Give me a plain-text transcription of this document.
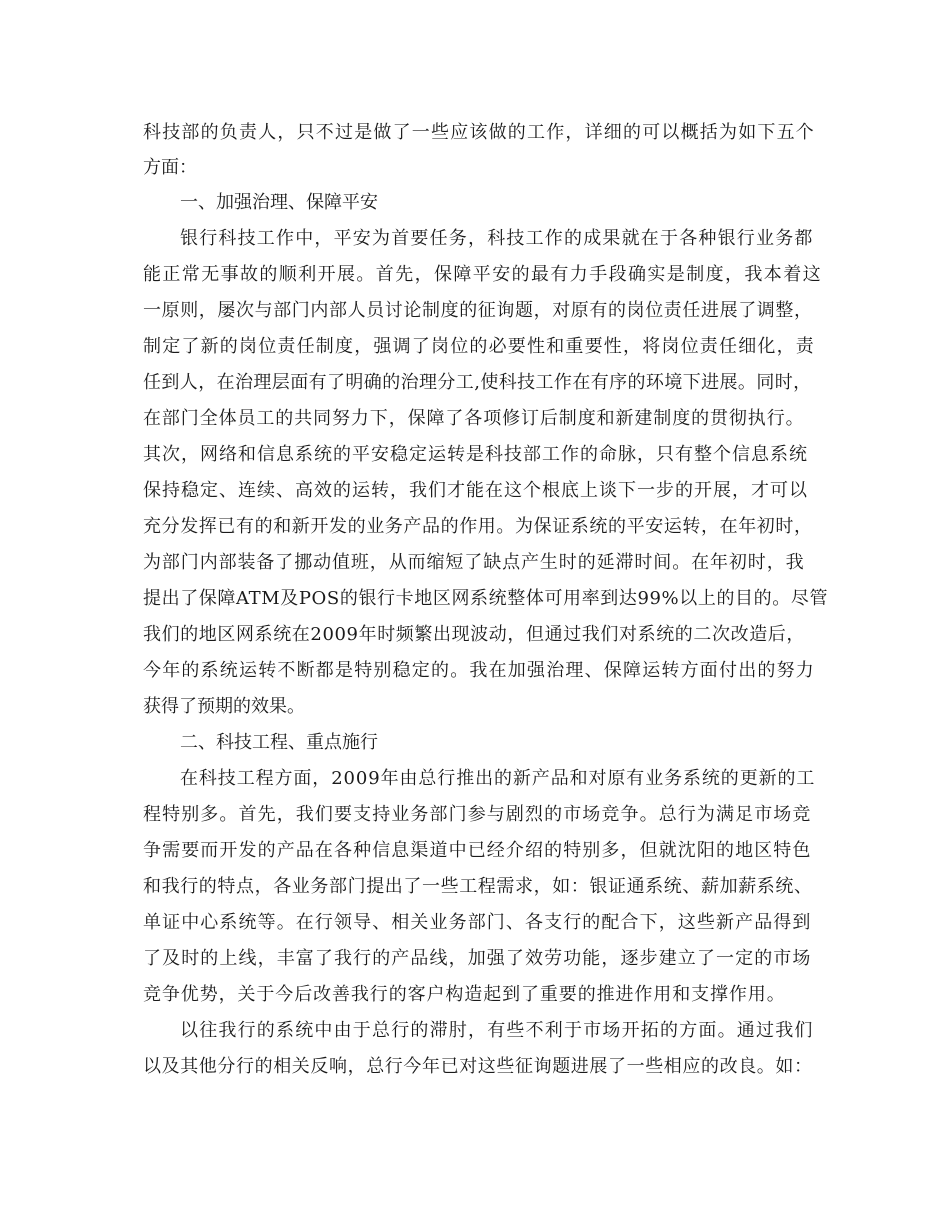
科技部的负责人，只不过是做了一些应该做的工作，详细的可以概括为如下五个
方面：
一、加强治理、保障平安
银行科技工作中，平安为首要任务，科技工作的成果就在于各种银行业务都
能正常无事故的顺利开展。首先，保障平安的最有力手段确实是制度，我本着这
一原则，屡次与部门内部人员讨论制度的征询题，对原有的岗位责任进展了调整，
制定了新的岗位责任制度，强调了岗位的必要性和重要性，将岗位责任细化，责
任到人，在治理层面有了明确的治理分工,使科技工作在有序的环境下进展。同时，
在部门全体员工的共同努力下，保障了各项修订后制度和新建制度的贯彻执行。
其次，网络和信息系统的平安稳定运转是科技部工作的命脉，只有整个信息系统
保持稳定、连续、高效的运转，我们才能在这个根底上谈下一步的开展，才可以
充分发挥已有的和新开发的业务产品的作用。为保证系统的平安运转，在年初时，
为部门内部装备了挪动值班，从而缩短了缺点产生时的延滞时间。在年初时，我
提出了保障ATM及POS的银行卡地区网系统整体可用率到达99%以上的目的。尽管
我们的地区网系统在2009年时频繁出现波动，但通过我们对系统的二次改造后，
今年的系统运转不断都是特别稳定的。我在加强治理、保障运转方面付出的努力
获得了预期的效果。
二、科技工程、重点施行
在科技工程方面，2009年由总行推出的新产品和对原有业务系统的更新的工
程特别多。首先，我们要支持业务部门参与剧烈的市场竞争。总行为满足市场竞
争需要而开发的产品在各种信息渠道中已经介绍的特别多，但就沈阳的地区特色
和我行的特点，各业务部门提出了一些工程需求，如：银证通系统、薪加薪系统、
单证中心系统等。在行领导、相关业务部门、各支行的配合下，这些新产品得到
了及时的上线，丰富了我行的产品线，加强了效劳功能，逐步建立了一定的市场
竞争优势，关于今后改善我行的客户构造起到了重要的推进作用和支撑作用。
以往我行的系统中由于总行的滞肘，有些不利于市场开拓的方面。通过我们
以及其他分行的相关反响，总行今年已对这些征询题进展了一些相应的改良。如：
